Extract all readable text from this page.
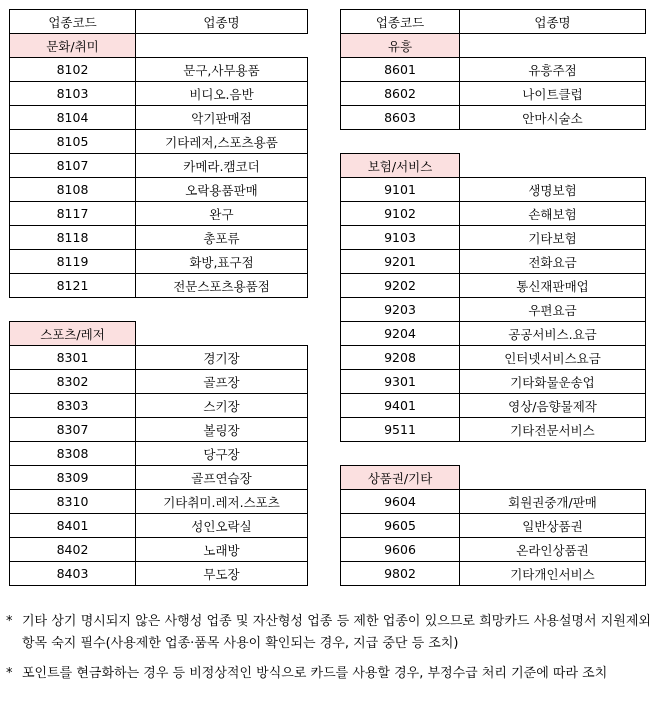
업종코드	업종명
문화/취미	
8102	문구,사무용품
8103	비디오.음반
8104	악기판매점
8105	기타레저,스포츠용품
8107	카메라.캠코더
8108	오락용품판매
8117	완구
8118	총포류
8119	화방,표구점
8121	전문스포츠용품점
스포츠/레저	
8301	경기장
8302	골프장
8303	스키장
8307	볼링장
8308	당구장
8309	골프연습장
8310	기타취미.레저.스포츠
8401	성인오락실
8402	노래방
8403	무도장
업종코드	업종명
유흥	
8601	유흥주점
8602	나이트클럽
8603	안마시술소
보험/서비스	
9101	생명보험
9102	손해보험
9103	기타보험
9201	전화요금
9202	통신재판매업
9203	우편요금
9204	공공서비스.요금
9208	인터넷서비스요금
9301	기타화물운송업
9401	영상/음향물제작
9511	기타전문서비스
상품권/기타	
9604	회원권중개/판매
9605	일반상품권
9606	온라인상품권
9802	기타개인서비스
* 기타 상기 명시되지 않은 사행성 업종 및 자산형성 업종 등 제한 업종이 있으므로 희망카드 사용설명서 지원제외항목 숙지 필수(사용제한 업종·품목 사용이 확인되는 경우, 지급 중단 등 조치)
* 포인트를 현금화하는 경우 등 비정상적인 방식으로 카드를 사용할 경우, 부정수급 처리 기준에 따라 조치
